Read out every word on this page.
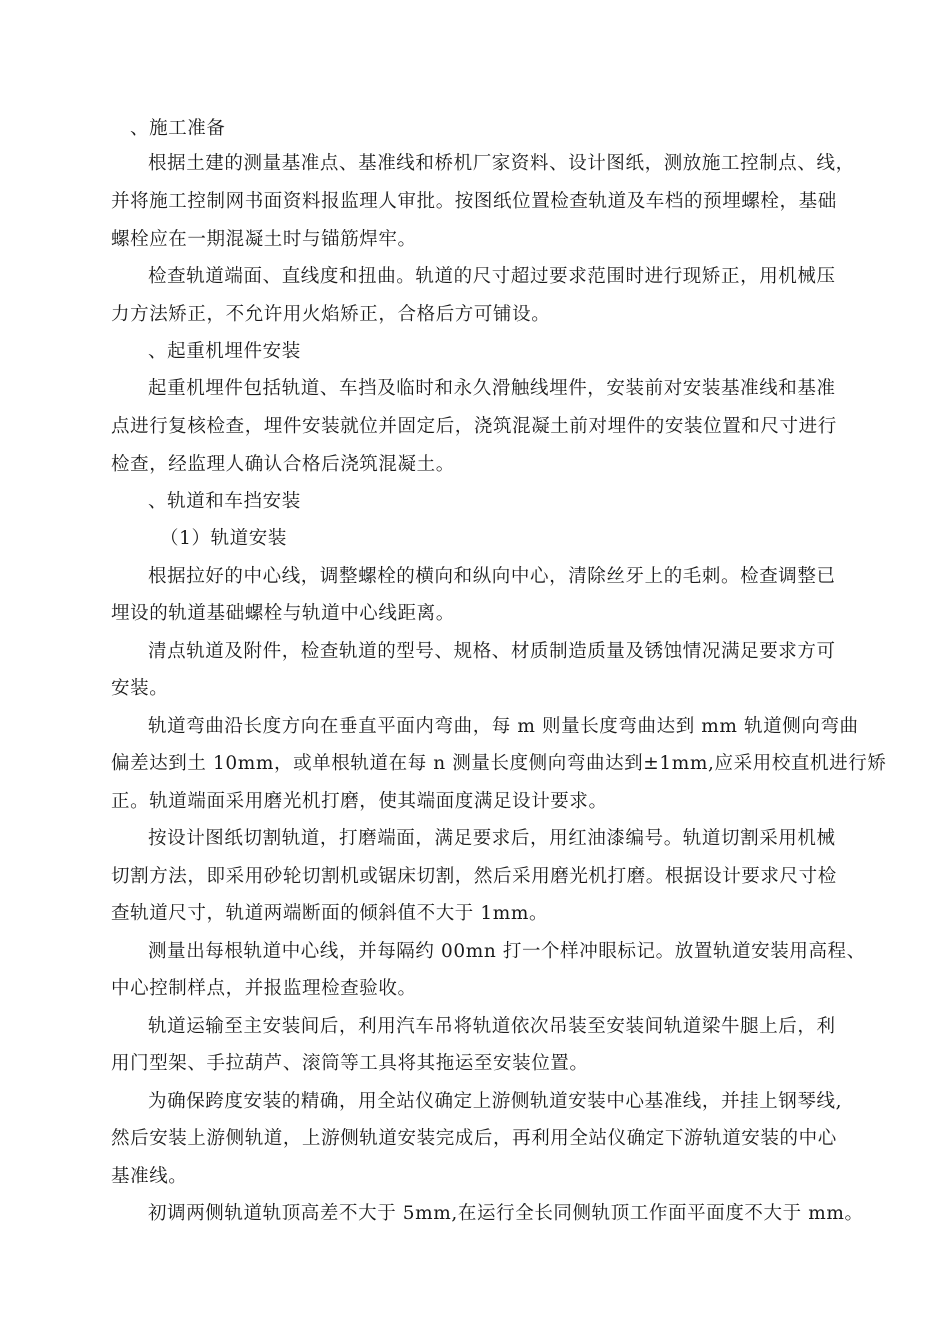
、施工准备
根据土建的测量基准点、基准线和桥机厂家资料、设计图纸，测放施工控制点、线，
并将施工控制网书面资料报监理人审批。按图纸位置检查轨道及车档的预埋螺栓，基础
螺栓应在一期混凝土时与锚筋焊牢。
检查轨道端面、直线度和扭曲。轨道的尺寸超过要求范围时进行现矫正，用机械压
力方法矫正，不允许用火焰矫正，合格后方可铺设。
、起重机埋件安装
起重机埋件包括轨道、车挡及临时和永久滑触线埋件，安装前对安装基准线和基准
点进行复核检查，埋件安装就位并固定后，浇筑混凝土前对埋件的安装位置和尺寸进行
检查，经监理人确认合格后浇筑混凝土。
、轨道和车挡安装
（1）轨道安装
根据拉好的中心线，调整螺栓的横向和纵向中心，清除丝牙上的毛刺。检查调整已
埋设的轨道基础螺栓与轨道中心线距离。
清点轨道及附件，检查轨道的型号、规格、材质制造质量及锈蚀情况满足要求方可
安装。
轨道弯曲沿长度方向在垂直平面内弯曲，每 m 则量长度弯曲达到 mm 轨道侧向弯曲
偏差达到土 10mm，或单根轨道在每 n 测量长度侧向弯曲达到±1mm,应采用校直机进行矫
正。轨道端面采用磨光机打磨，使其端面度满足设计要求。
按设计图纸切割轨道，打磨端面，满足要求后，用红油漆编号。轨道切割采用机械
切割方法，即采用砂轮切割机或锯床切割，然后采用磨光机打磨。根据设计要求尺寸检
查轨道尺寸，轨道两端断面的倾斜值不大于 1mm。
测量出每根轨道中心线，并每隔约 00mn 打一个样冲眼标记。放置轨道安装用高程、
中心控制样点，并报监理检查验收。
轨道运输至主安装间后，利用汽车吊将轨道依次吊装至安装间轨道梁牛腿上后，利
用门型架、手拉葫芦、滚筒等工具将其拖运至安装位置。
为确保跨度安装的精确，用全站仪确定上游侧轨道安装中心基准线，并挂上钢琴线,
然后安装上游侧轨道，上游侧轨道安装完成后，再利用全站仪确定下游轨道安装的中心
基准线。
初调两侧轨道轨顶高差不大于 5mm,在运行全长同侧轨顶工作面平面度不大于 mm。
